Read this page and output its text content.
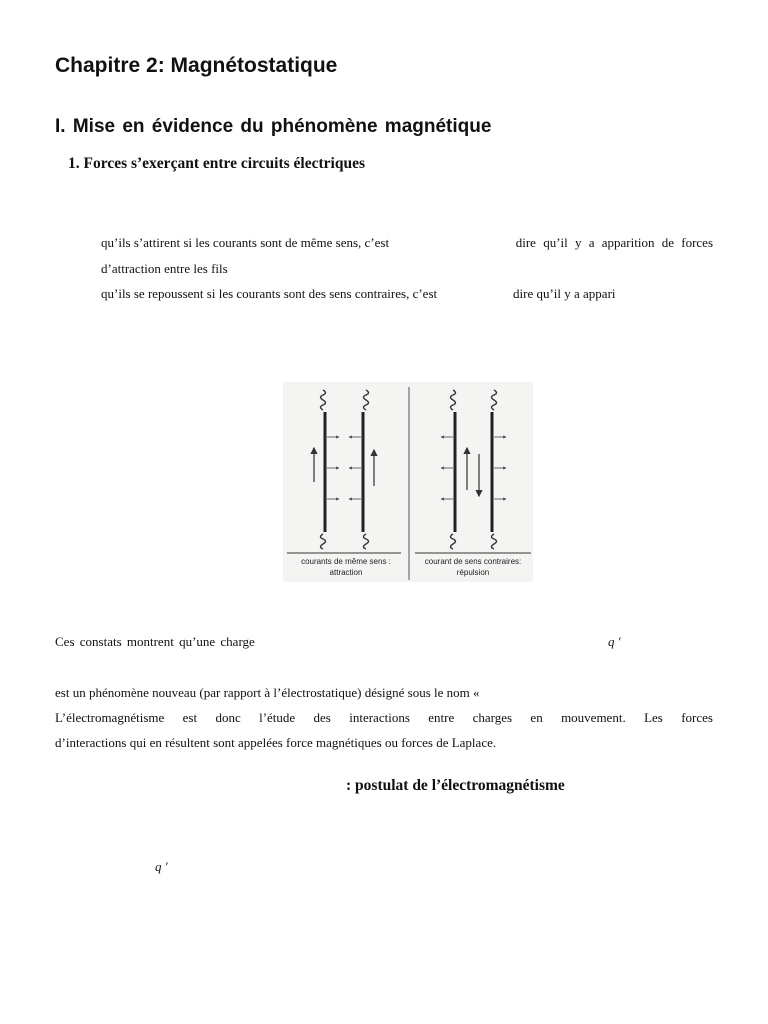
Chapitre 2: Magnétostatique
I. Mise en évidence du phénomène magnétique
1. Forces s’exerçant entre circuits électriques
qu’ils s’attirent si les courants sont de même sens, c’est	dire qu’il y a apparition de forces
d’attraction entre les fils
qu’ils se repoussent si les courants sont des sens contraires, c’est	dire qu’il y a appari
courants de même sens :
attraction
courant de sens contraires:
répulsion
Ces constats montrent qu’une charge	q ′
est un phénomène nouveau (par rapport à l’électrostatique) désigné sous le nom «
L’électromagnétisme est donc l’étude des interactions entre charges en mouvement. Les forces
d’interactions qui en résultent sont appelées force magnétiques ou forces de Laplace.
: postulat de l’électromagnétisme
q ′
